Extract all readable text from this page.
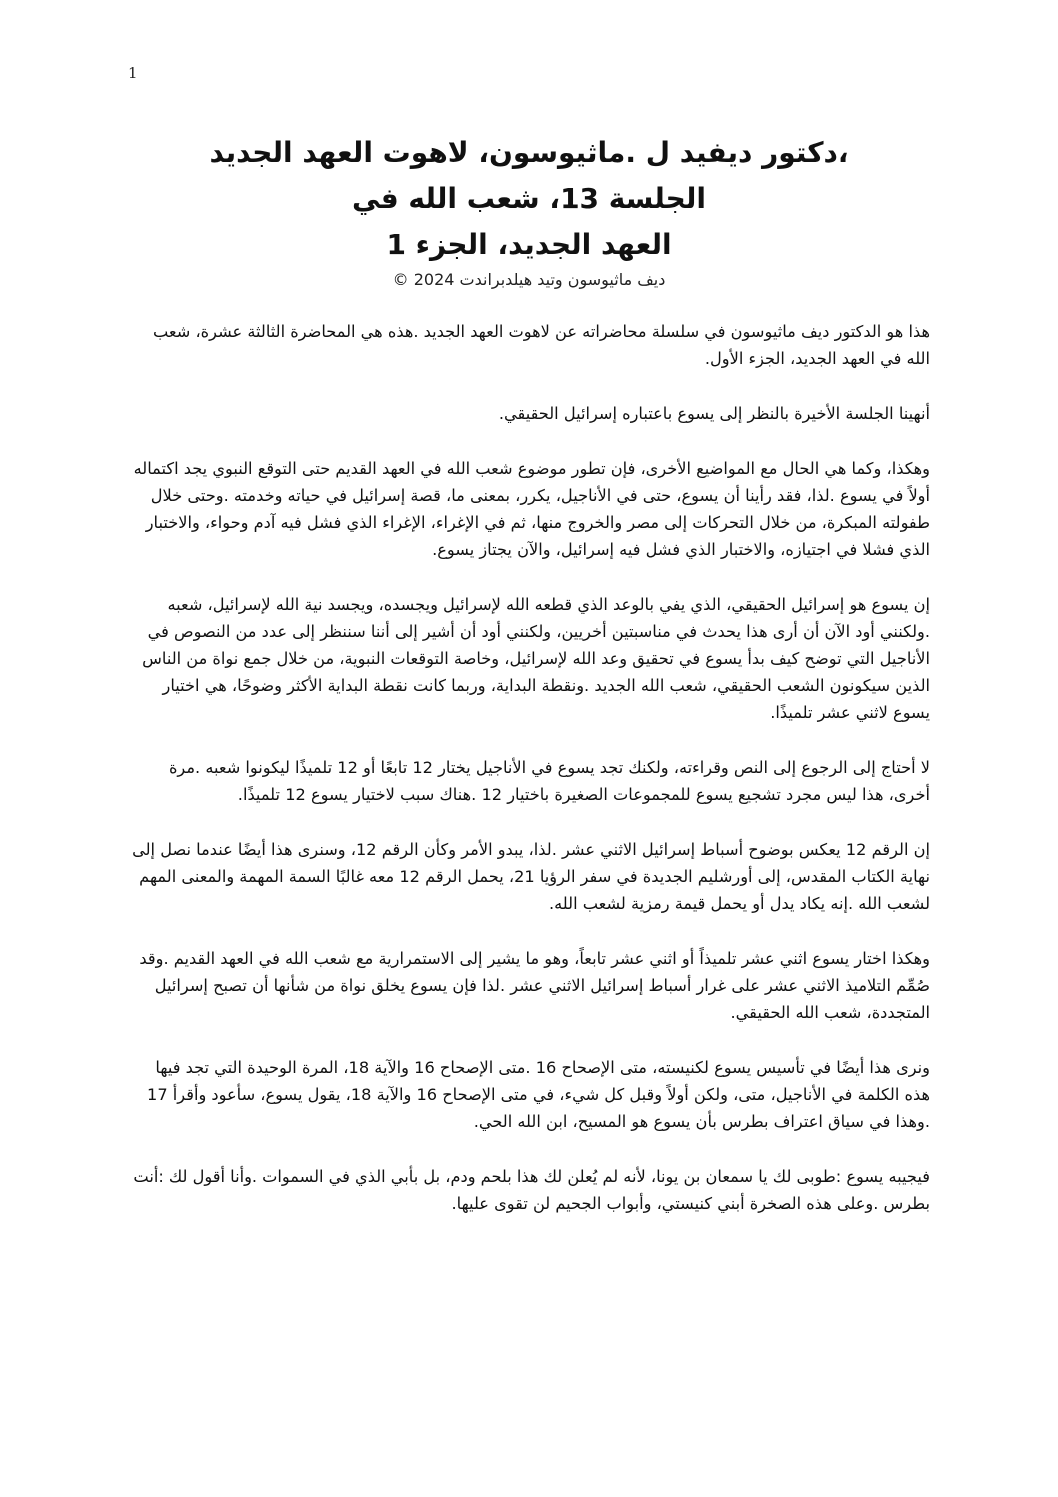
1
،دكتور ديفيد ل .ماثيوسون، لاهوت العهد الجديد
الجلسة 13، شعب الله في
العهد الجديد، الجزء 1
ديف ماثيوسون وتيد هيلدبراندت 2024 ©

هذا هو الدكتور ديف ماثيوسون في سلسلة محاضراته عن لاهوت العهد الجديد .هذه هي المحاضرة الثالثة عشرة، شعب الله في العهد الجديد، الجزء الأول.

أنهينا الجلسة الأخيرة بالنظر إلى يسوع باعتباره إسرائيل الحقيقي.

وهكذا، وكما هي الحال مع المواضيع الأخرى، فإن تطور موضوع شعب الله في العهد القديم حتى التوقع النبوي يجد اكتماله أولاً في يسوع .لذا، فقد رأينا أن يسوع، حتى في الأناجيل، يكرر، بمعنى ما، قصة إسرائيل في حياته وخدمته .وحتى خلال طفولته المبكرة، من خلال التحركات إلى مصر والخروج منها، ثم في الإغراء، الإغراء الذي فشل فيه آدم وحواء، والاختبار الذي فشلا في اجتيازه، والاختبار الذي فشل فيه إسرائيل، والآن يجتاز يسوع.

إن يسوع هو إسرائيل الحقيقي، الذي يفي بالوعد الذي قطعه الله لإسرائيل ويجسده، ويجسد نية الله لإسرائيل، شعبه .ولكنني أود الآن أن أرى هذا يحدث في مناسبتين أخريين، ولكنني أود أن أشير إلى أننا سننظر إلى عدد من النصوص في الأناجيل التي توضح كيف بدأ يسوع في تحقيق وعد الله لإسرائيل، وخاصة التوقعات النبوية، من خلال جمع نواة من الناس الذين سيكونون الشعب الحقيقي، شعب الله الجديد .ونقطة البداية، وربما كانت نقطة البداية الأكثر وضوحًا، هي اختيار يسوع لاثني عشر تلميذًا.

لا أحتاج إلى الرجوع إلى النص وقراءته، ولكنك تجد يسوع في الأناجيل يختار 12 تابعًا أو 12 تلميذًا ليكونوا شعبه .مرة أخرى، هذا ليس مجرد تشجيع يسوع للمجموعات الصغيرة باختيار 12 .هناك سبب لاختيار يسوع 12 تلميذًا.

إن الرقم 12 يعكس بوضوح أسباط إسرائيل الاثني عشر .لذا، يبدو الأمر وكأن الرقم 12، وسنرى هذا أيضًا عندما نصل إلى نهاية الكتاب المقدس، إلى أورشليم الجديدة في سفر الرؤيا 21، يحمل الرقم 12 معه غالبًا السمة المهمة والمعنى المهم لشعب الله .إنه يكاد يدل أو يحمل قيمة رمزية لشعب الله.

وهكذا اختار يسوع اثني عشر تلميذاً أو اثني عشر تابعاً، وهو ما يشير إلى الاستمرارية مع شعب الله في العهد القديم .وقد صُمِّم التلاميذ الاثني عشر على غرار أسباط إسرائيل الاثني عشر .لذا فإن يسوع يخلق نواة من شأنها أن تصبح إسرائيل المتجددة، شعب الله الحقيقي.

ونرى هذا أيضًا في تأسيس يسوع لكنيسته، متى الإصحاح 16 .متى الإصحاح 16 والآية 18، المرة الوحيدة التي تجد فيها هذه الكلمة في الأناجيل، متى، ولكن أولاً وقبل كل شيء، في متى الإصحاح 16 والآية 18، يقول يسوع، سأعود وأقرأ 17 .وهذا في سياق اعتراف بطرس بأن يسوع هو المسيح، ابن الله الحي.

فيجيبه يسوع :طوبى لك يا سمعان بن يونا، لأنه لم يُعلن لك هذا بلحم ودم، بل بأبي الذي في السموات .وأنا أقول لك :أنت بطرس .وعلى هذه الصخرة أبني كنيستي، وأبواب الجحيم لن تقوى عليها.
